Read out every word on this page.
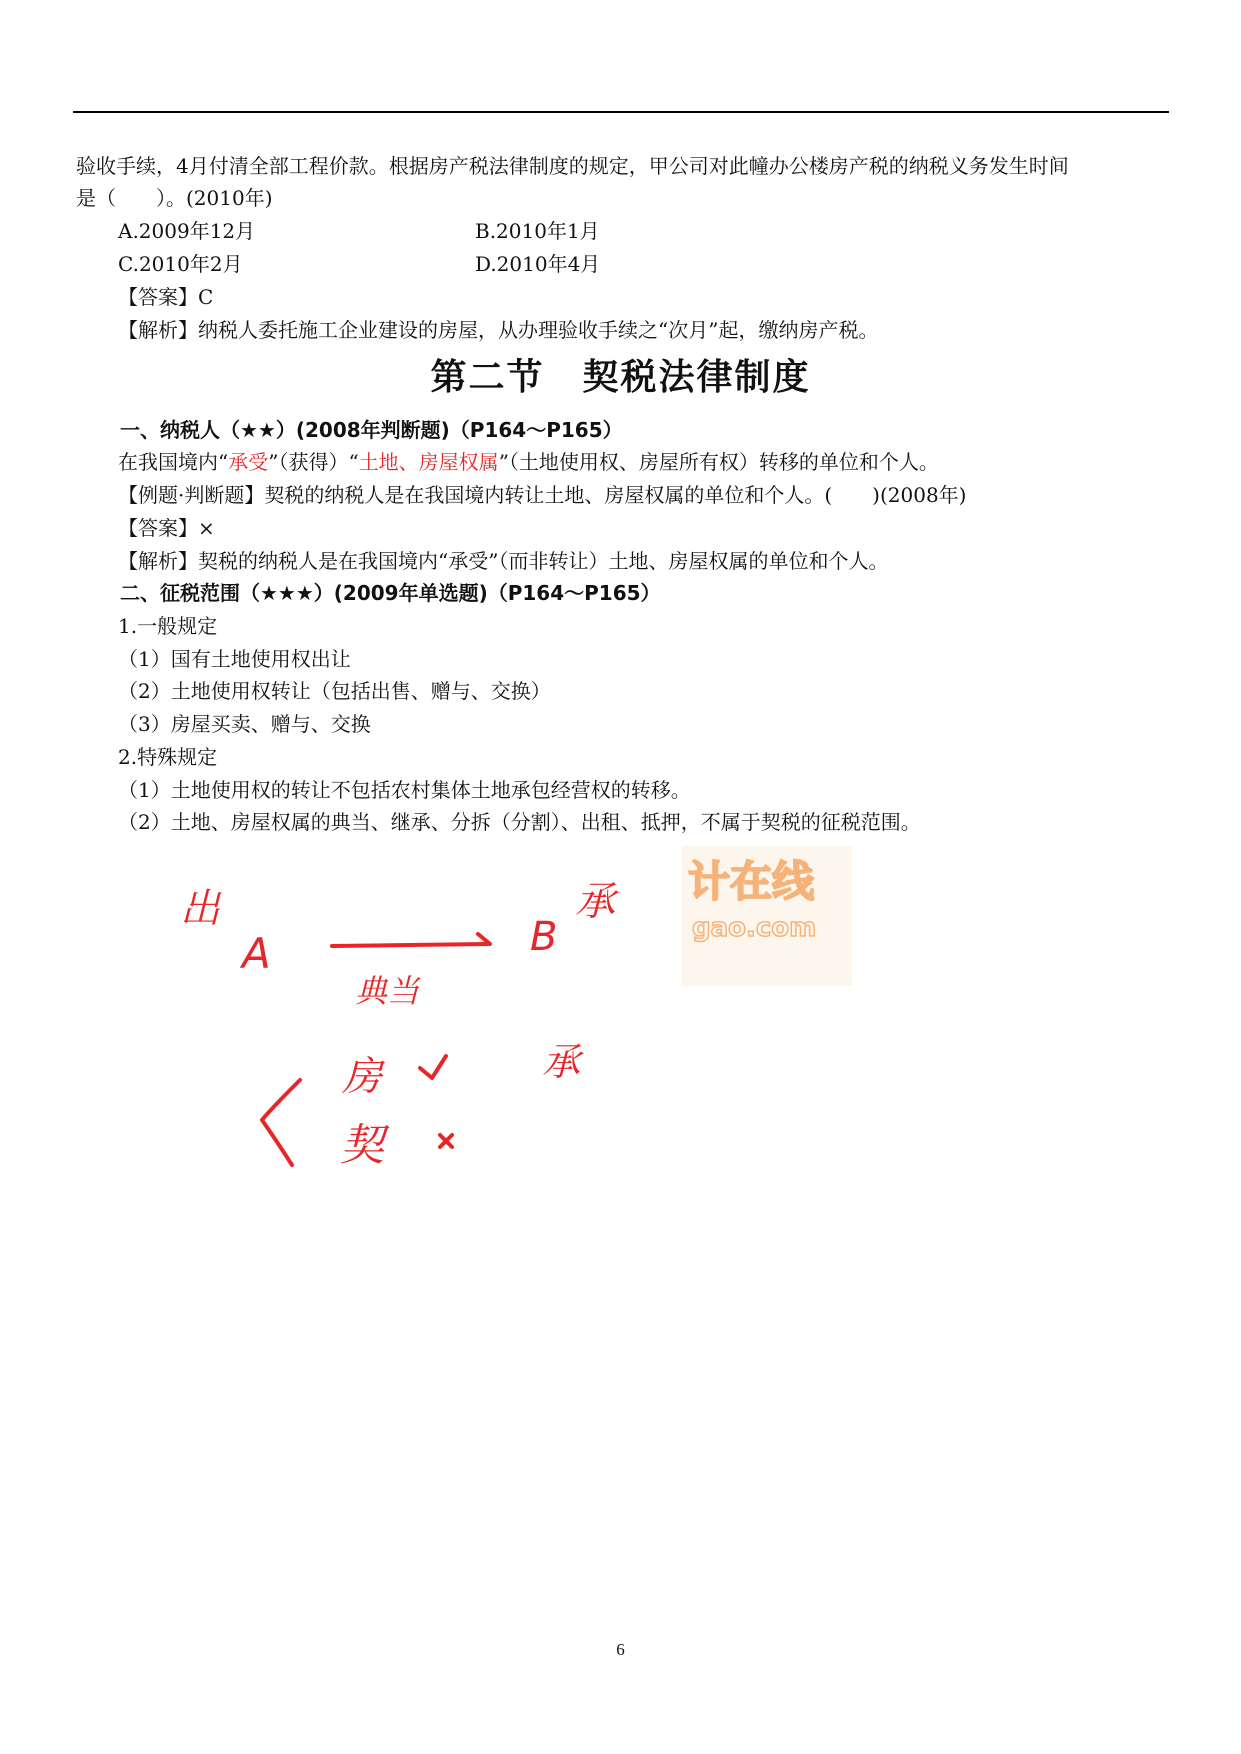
验收手续，4月付清全部工程价款。根据房产税法律制度的规定，甲公司对此幢办公楼房产税的纳税义务发生时间
是（　　）。(2010年)
A.2009年12月	B.2010年1月
C.2010年2月	D.2010年4月
【答案】C
【解析】纳税人委托施工企业建设的房屋，从办理验收手续之“次月”起，缴纳房产税。
第二节　契税法律制度
一、纳税人（★★）(2008年判断题)（P164～P165）
在我国境内“承受”（获得）“土地、房屋权属”（土地使用权、房屋所有权）转移的单位和个人。
【例题·判断题】契税的纳税人是在我国境内转让土地、房屋权属的单位和个人。(　　)(2008年)
【答案】×
【解析】契税的纳税人是在我国境内“承受”（而非转让）土地、房屋权属的单位和个人。
二、征税范围（★★★）(2009年单选题)（P164～P165）
1.一般规定
（1）国有土地使用权出让
（2）土地使用权转让（包括出售、赠与、交换）
（3）房屋买卖、赠与、交换
2.特殊规定
（1）土地使用权的转让不包括农村集体土地承包经营权的转移。
（2）土地、房屋权属的典当、继承、分拆（分割）、出租、抵押，不属于契税的征税范围。
计在线
gao.com
出
A	B
承
典当
房	承
契
6
